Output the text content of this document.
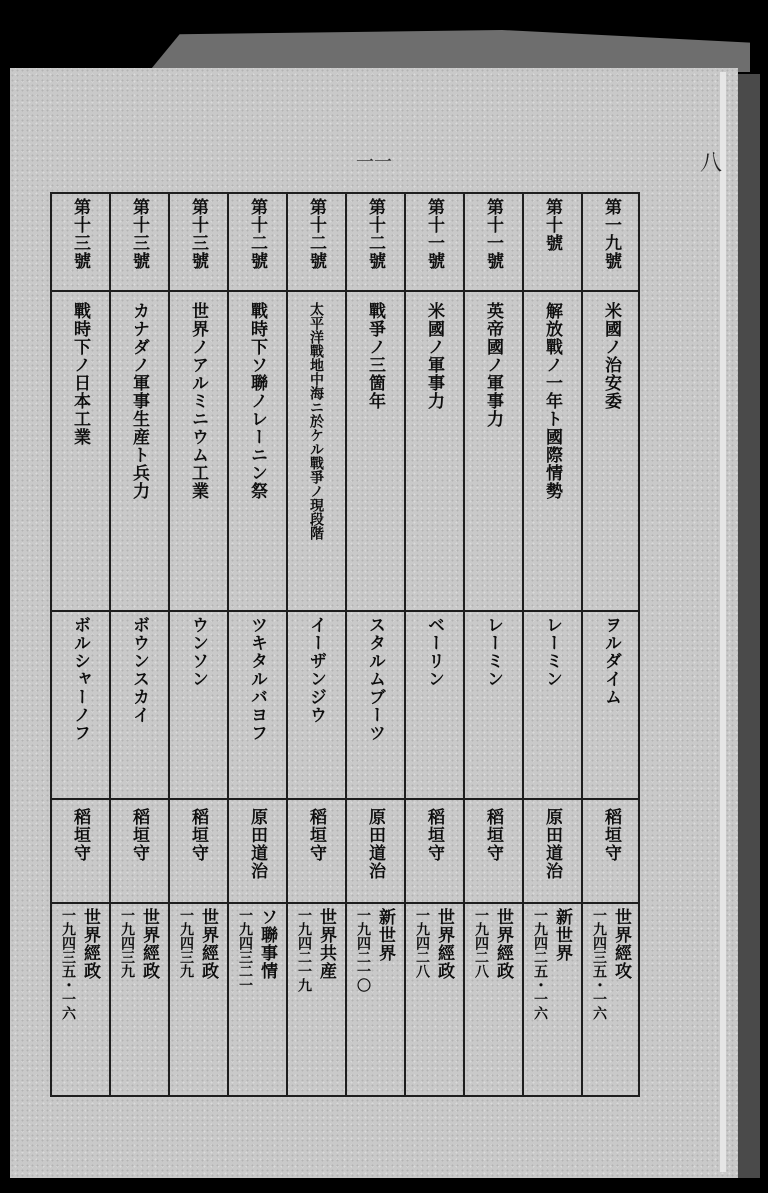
一一	八
第一九號
米國ノ治安委
ヲルダイム
稻垣守
世界經攻
一九四三五・一六
第十號
解放戰ノ一年ト國際情勢
レーミン
原田道治
新世界
一九四二五・一六
第十一號
英帝國ノ軍事力
レーミン
稻垣守
世界經政
一九四二八
第十一號
米國ノ軍事力
ベーリン
稻垣守
世界經政
一九四二八
第十二號
戰爭ノ三箇年
スタルムブーツ
原田道治
新世界
一九四二一〇
第十二號
太平洋戰地中海ニ於ケル戰爭ノ現段階
イーザンジウ
稻垣守
世界共産
一九四二一九
第十二號
戰時下ソ聯ノレーニン祭
ツキタルバヨフ
原田道治
ソ聯事情
一九四三二一
第十三號
世界ノアルミニウム工業
ウンソン
稻垣守
世界經政
一九四三九
第十三號
カナダノ軍事生産ト兵力
ボウンスカイ
稻垣守
世界經政
一九四三九
第十三號
戰時下ノ日本工業
ボルシャーノフ
稻垣守
世界經政
一九四三五・一六
